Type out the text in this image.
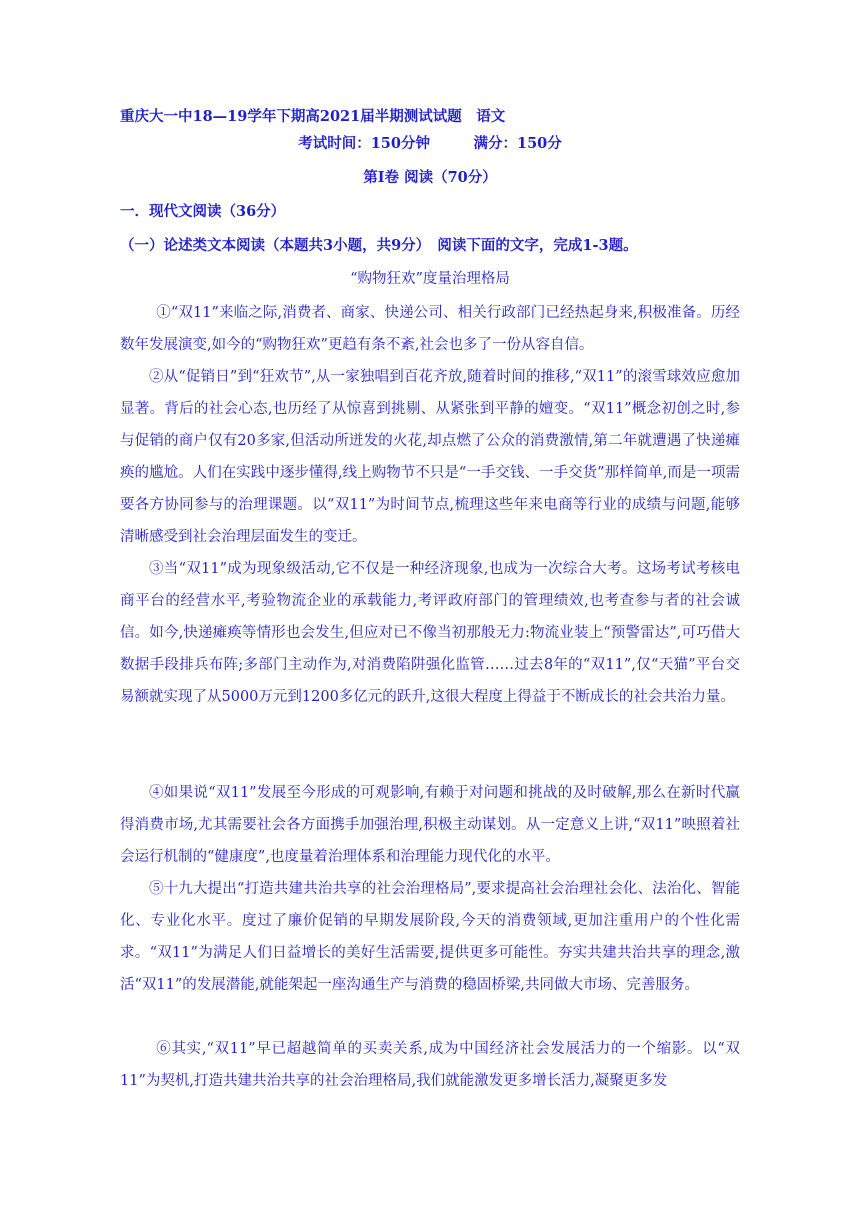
重庆大一中18—19学年下期高2021届半期测试试题　语文
考试时间：150分钟　　　满分：150分
第Ⅰ卷 阅读（70分）
一．现代文阅读（36分）
（一）论述类文本阅读（本题共3小题，共9分）　阅读下面的文字，完成1-3题。
“购物狂欢”度量治理格局

①“双11”来临之际,消费者、商家、快递公司、相关行政部门已经热起身来,积极准备。历经数年发展演变,如今的“购物狂欢”更趋有条不紊,社会也多了一份从容自信。

②从“促销日”到“狂欢节”,从一家独唱到百花齐放,随着时间的推移,“双11”的滚雪球效应愈加显著。背后的社会心态,也历经了从惊喜到挑剔、从紧张到平静的嬗变。“双11”概念初创之时,参与促销的商户仅有20多家,但活动所迸发的火花,却点燃了公众的消费激情,第二年就遭遇了快递瘫痪的尴尬。人们在实践中逐步懂得,线上购物节不只是“一手交钱、一手交货”那样简单,而是一项需要各方协同参与的治理课题。以“双11”为时间节点,梳理这些年来电商等行业的成绩与问题,能够清晰感受到社会治理层面发生的变迁。

③当“双11”成为现象级活动,它不仅是一种经济现象,也成为一次综合大考。这场考试考核电商平台的经营水平,考验物流企业的承载能力,考评政府部门的管理绩效,也考查参与者的社会诚信。如今,快递瘫痪等情形也会发生,但应对已不像当初那般无力:物流业装上“预警雷达”,可巧借大数据手段排兵布阵;多部门主动作为,对消费陷阱强化监管……过去8年的“双11”,仅“天猫”平台交易额就实现了从5000万元到1200多亿元的跃升,这很大程度上得益于不断成长的社会共治力量。

④如果说“双11”发展至今形成的可观影响,有赖于对问题和挑战的及时破解,那么在新时代赢得消费市场,尤其需要社会各方面携手加强治理,积极主动谋划。从一定意义上讲,“双11”映照着社会运行机制的“健康度”,也度量着治理体系和治理能力现代化的水平。

⑤十九大提出“打造共建共治共享的社会治理格局”,要求提高社会治理社会化、法治化、智能化、专业化水平。度过了廉价促销的早期发展阶段,今天的消费领域,更加注重用户的个性化需求。“双11”为满足人们日益增长的美好生活需要,提供更多可能性。夯实共建共治共享的理念,激活“双11”的发展潜能,就能架起一座沟通生产与消费的稳固桥梁,共同做大市场、完善服务。

⑥其实,“双11”早已超越简单的买卖关系,成为中国经济社会发展活力的一个缩影。以“双11”为契机,打造共建共治共享的社会治理格局,我们就能激发更多增长活力,凝聚更多发
